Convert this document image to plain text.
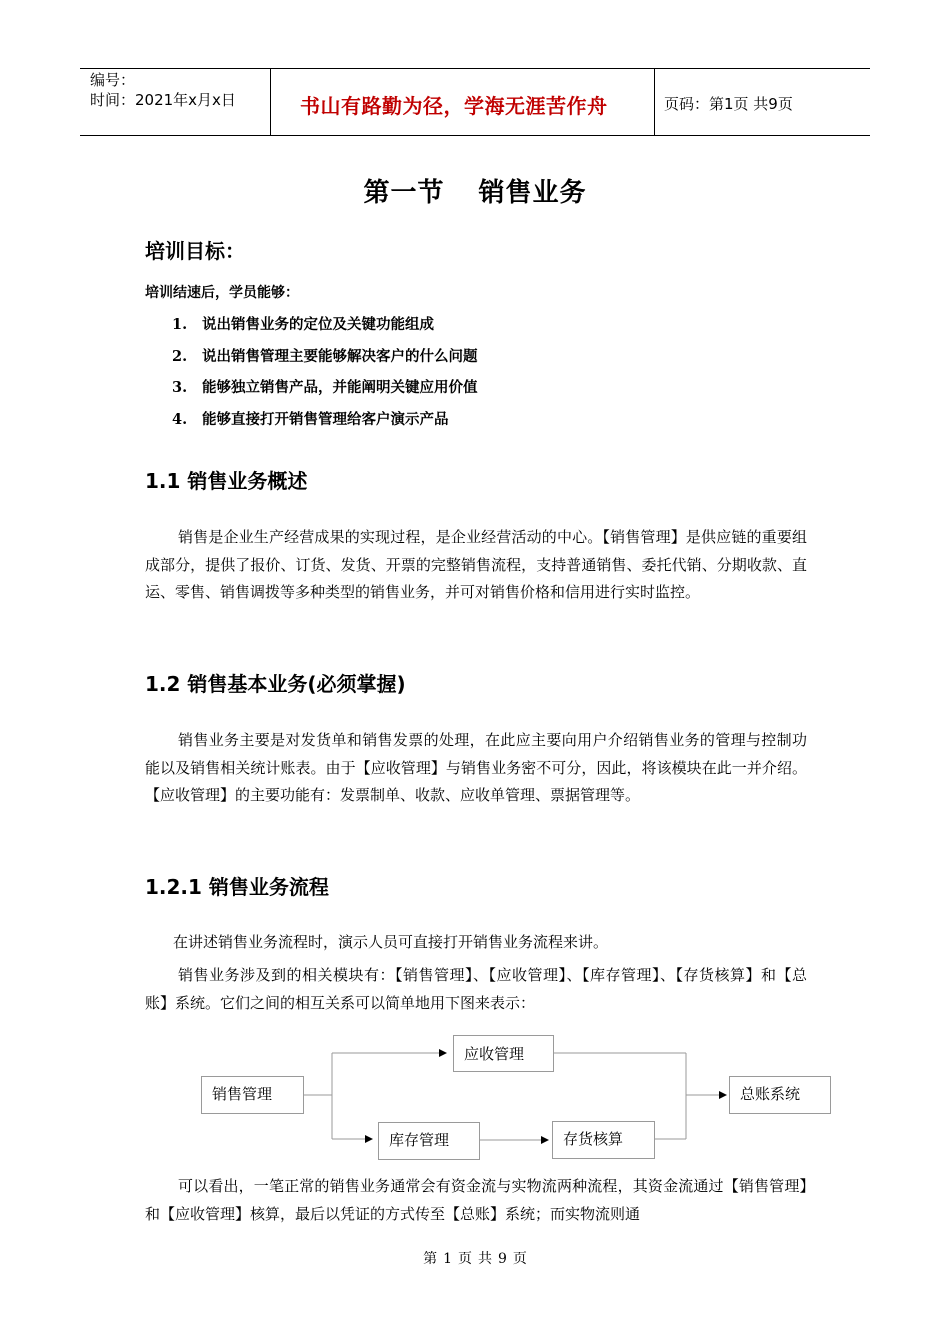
编号：
时间：2021年x月x日	书山有路勤为径，学海无涯苦作舟	页码：第1页 共9页
第一节 销售业务
培训目标：
培训结速后，学员能够：
1. 说出销售业务的定位及关键功能组成
2. 说出销售管理主要能够解决客户的什么问题
3. 能够独立销售产品，并能阐明关键应用价值
4. 能够直接打开销售管理给客户演示产品
1.1 销售业务概述
销售是企业生产经营成果的实现过程，是企业经营活动的中心。【销售管理】是供应链的重要组成部分，提供了报价、订货、发货、开票的完整销售流程，支持普通销售、委托代销、分期收款、直运、零售、销售调拨等多种类型的销售业务，并可对销售价格和信用进行实时监控。
1.2 销售基本业务(必须掌握)
销售业务主要是对发货单和销售发票的处理，在此应主要向用户介绍销售业务的管理与控制功能以及销售相关统计账表。由于【应收管理】与销售业务密不可分，因此，将该模块在此一并介绍。【应收管理】的主要功能有：发票制单、收款、应收单管理、票据管理等。
1.2.1 销售业务流程
在讲述销售业务流程时，演示人员可直接打开销售业务流程来讲。
销售业务涉及到的相关模块有：【销售管理】、【应收管理】、【库存管理】、【存货核算】和【总账】系统。它们之间的相互关系可以简单地用下图来表示：
销售管理
应收管理
库存管理	存货核算
总账系统
可以看出，一笔正常的销售业务通常会有资金流与实物流两种流程，其资金流通过【销售管理】和【应收管理】核算，最后以凭证的方式传至【总账】系统；而实物流则通
第 1 页 共 9 页
